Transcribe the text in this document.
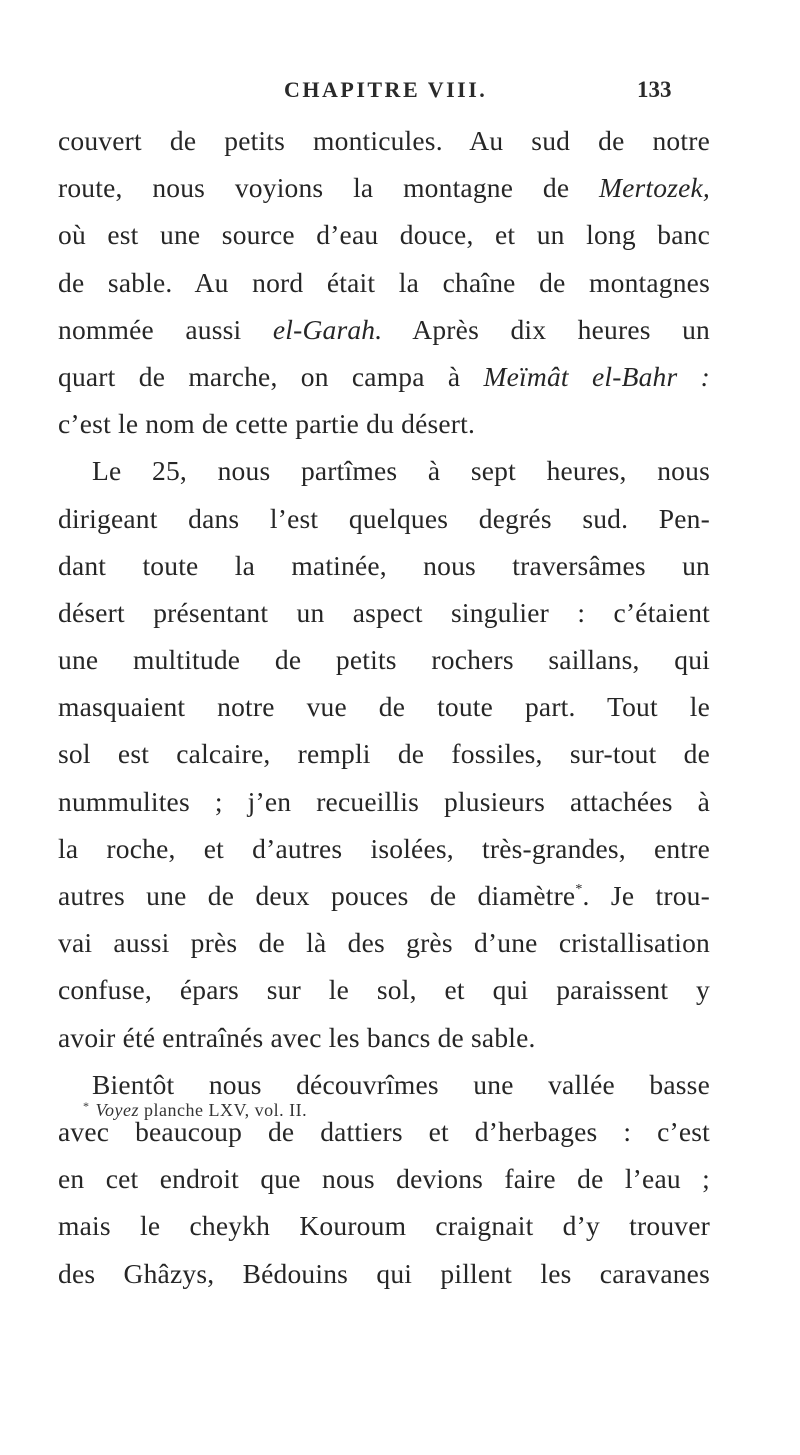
CHAPITRE VIII.	133
couvert de petits monticules. Au sud de notre
route, nous voyions la montagne de Mertozek,
où est une source d’eau douce, et un long banc
de sable. Au nord était la chaîne de montagnes
nommée aussi el-Garah. Après dix heures un
quart de marche, on campa à Meïmât el-Bahr :
c’est le nom de cette partie du désert.
Le 25, nous partîmes à sept heures, nous
dirigeant dans l’est quelques degrés sud. Pen-
dant toute la matinée, nous traversâmes un
désert présentant un aspect singulier : c’étaient
une multitude de petits rochers saillans, qui
masquaient notre vue de toute part. Tout le
sol est calcaire, rempli de fossiles, sur-tout de
nummulites ; j’en recueillis plusieurs attachées à
la roche, et d’autres isolées, très-grandes, entre
autres une de deux pouces de diamètre*. Je trou-
vai aussi près de là des grès d’une cristallisation
confuse, épars sur le sol, et qui paraissent y
avoir été entraînés avec les bancs de sable.
Bientôt nous découvrîmes une vallée basse
avec beaucoup de dattiers et d’herbages : c’est
en cet endroit que nous devions faire de l’eau ;
mais le cheykh Kouroum craignait d’y trouver
des Ghâzys, Bédouins qui pillent les caravanes
* Voyez planche LXV, vol. II.
